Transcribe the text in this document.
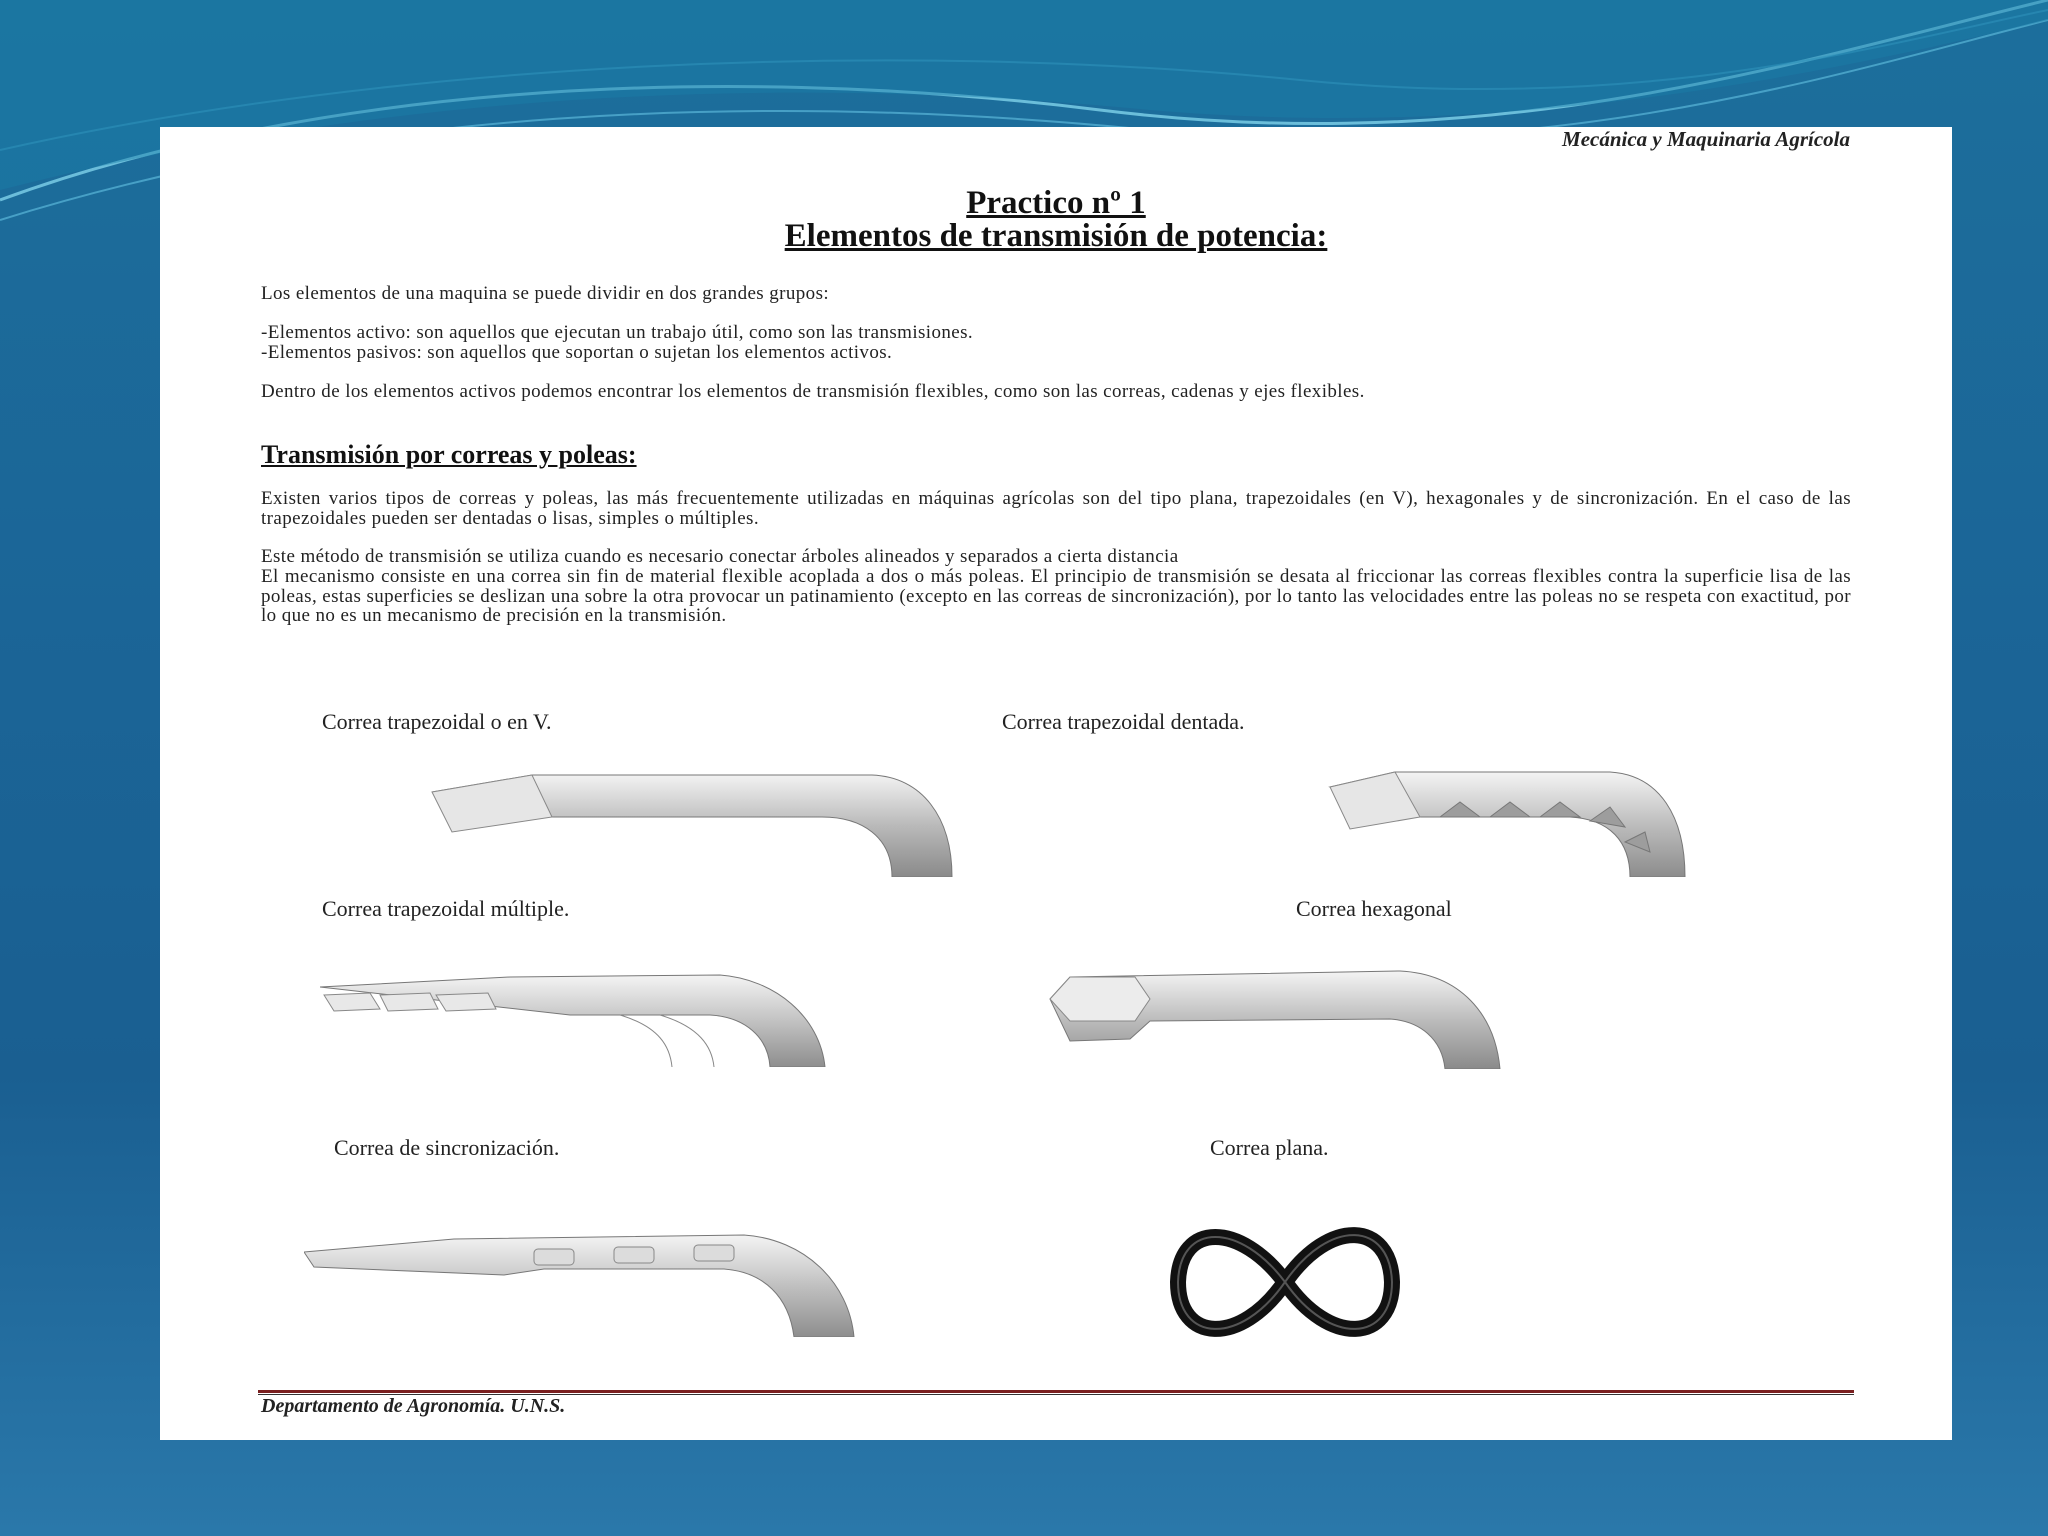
Mecánica y Maquinaria Agrícola
Practico nº 1
Elementos de transmisión de potencia:
Los elementos de una maquina se puede dividir en dos grandes grupos:
-Elementos activo: son aquellos que ejecutan un trabajo útil, como son las transmisiones.
-Elementos pasivos: son aquellos que soportan o sujetan los elementos activos.
Dentro de los elementos activos podemos encontrar los elementos de transmisión flexibles, como son las correas, cadenas y ejes flexibles.
Transmisión por correas y poleas:
Existen varios tipos de correas y poleas, las más frecuentemente utilizadas en máquinas agrícolas son del tipo plana, trapezoidales (en V), hexagonales y de sincronización. En el caso de las trapezoidales pueden ser dentadas o lisas, simples o múltiples.
Este método de transmisión se utiliza cuando es necesario conectar árboles alineados y separados a cierta distancia
El mecanismo consiste en una correa sin fin de material flexible acoplada a dos o más poleas. El principio de transmisión se desata al friccionar las correas flexibles contra la superficie lisa de las poleas, estas superficies se deslizan una sobre la otra provocar un patinamiento (excepto en las correas de sincronización), por lo tanto las velocidades entre las poleas no se respeta con exactitud, por lo que no es un mecanismo de precisión en la transmisión.
Correa trapezoidal o en V.	Correa trapezoidal dentada.
Correa trapezoidal múltiple.	Correa hexagonal
Correa de sincronización.	Correa plana.
Departamento de Agronomía. U.N.S.
